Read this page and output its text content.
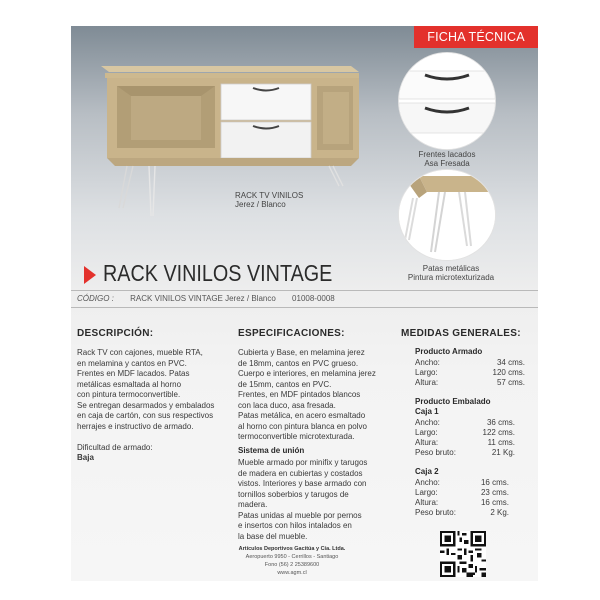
FICHA TÉCNICA
RACK TV VINILOS
Jerez / Blanco
Frentes lacados
Asa Fresada
Patas metálicas
Pintura microtexturizada
RACK VINILOS VINTAGE
CÓDIGO : RACK VINILOS VINTAGE Jerez / Blanco 01008-0008
DESCRIPCIÓN:
Rack TV con cajones, mueble RTA,
en melamina y cantos en PVC.
Frentes en MDF lacados. Patas
metálicas esmaltada al horno
con pintura termoconvertible.
Se entregan desarmados y embalados
en caja de cartón, con sus respectivos
herrajes e instructivo de armado.

Dificultad de armado:
Baja

ESPECIFICACIONES:
Cubierta y Base, en melamina jerez
de 18mm, cantos en PVC grueso.
Cuerpo e interiores, en melamina jerez
de 15mm, cantos en PVC.
Frentes, en MDF pintados blancos
con laca duco, asa fresada.
Patas metálica, en acero esmaltado
al horno con pintura blanca en polvo
termoconvertible microtexturada.
Sistema de unión
Mueble armado por minifix y tarugos
de madera en cubiertas y costados
vistos. Interiores y base armado con
tornillos soberbios y tarugos de
madera.
Patas unidas al mueble por pernos
e insertos con hilos intalados en
la base del mueble.
MEDIDAS GENERALES:
Producto Armado
Ancho:	34 cms.
Largo:	120 cms.
Altura:	57 cms.
Producto Embalado
Caja 1
Ancho:	36 cms.
Largo:	122 cms.
Altura:	11 cms.
Peso bruto:	21 Kg.
Caja 2
Ancho:	16 cms.
Largo:	23 cms.
Altura:	16 cms.
Peso bruto:	2 Kg.
Artículos Deportivos Gacitúa y Cía. Ltda.
Aeropuerto 9950 - Cerrillos - Santiago
Fono (56) 2 25389600
www.agm.cl
